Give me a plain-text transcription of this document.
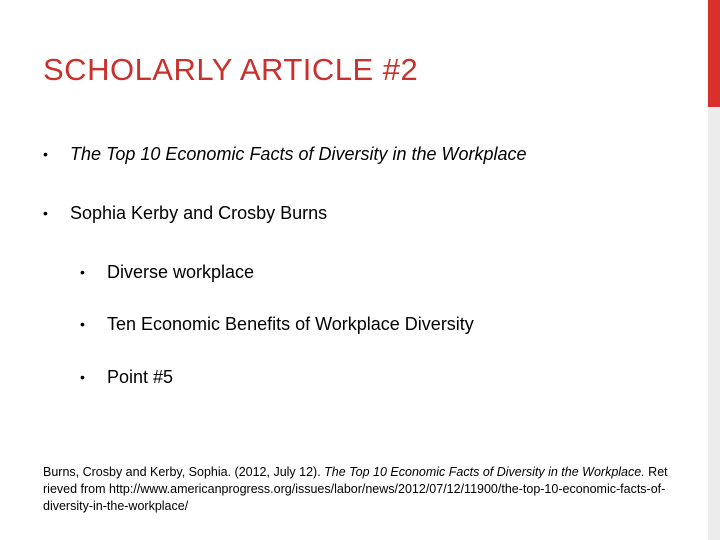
SCHOLARLY ARTICLE #2
• The Top 10 Economic Facts of Diversity in the Workplace
• Sophia Kerby and Crosby Burns
• Diverse workplace
• Ten Economic Benefits of Workplace Diversity
• Point #5
Burns, Crosby and Kerby, Sophia. (2012, July 12). The Top 10 Economic Facts of Diversity in the Workplace. Retrieved from http://www.americanprogress.org/issues/labor/news/2012/07/12/11900/the-top-10-economic-facts-of-diversity-in-the-workplace/
